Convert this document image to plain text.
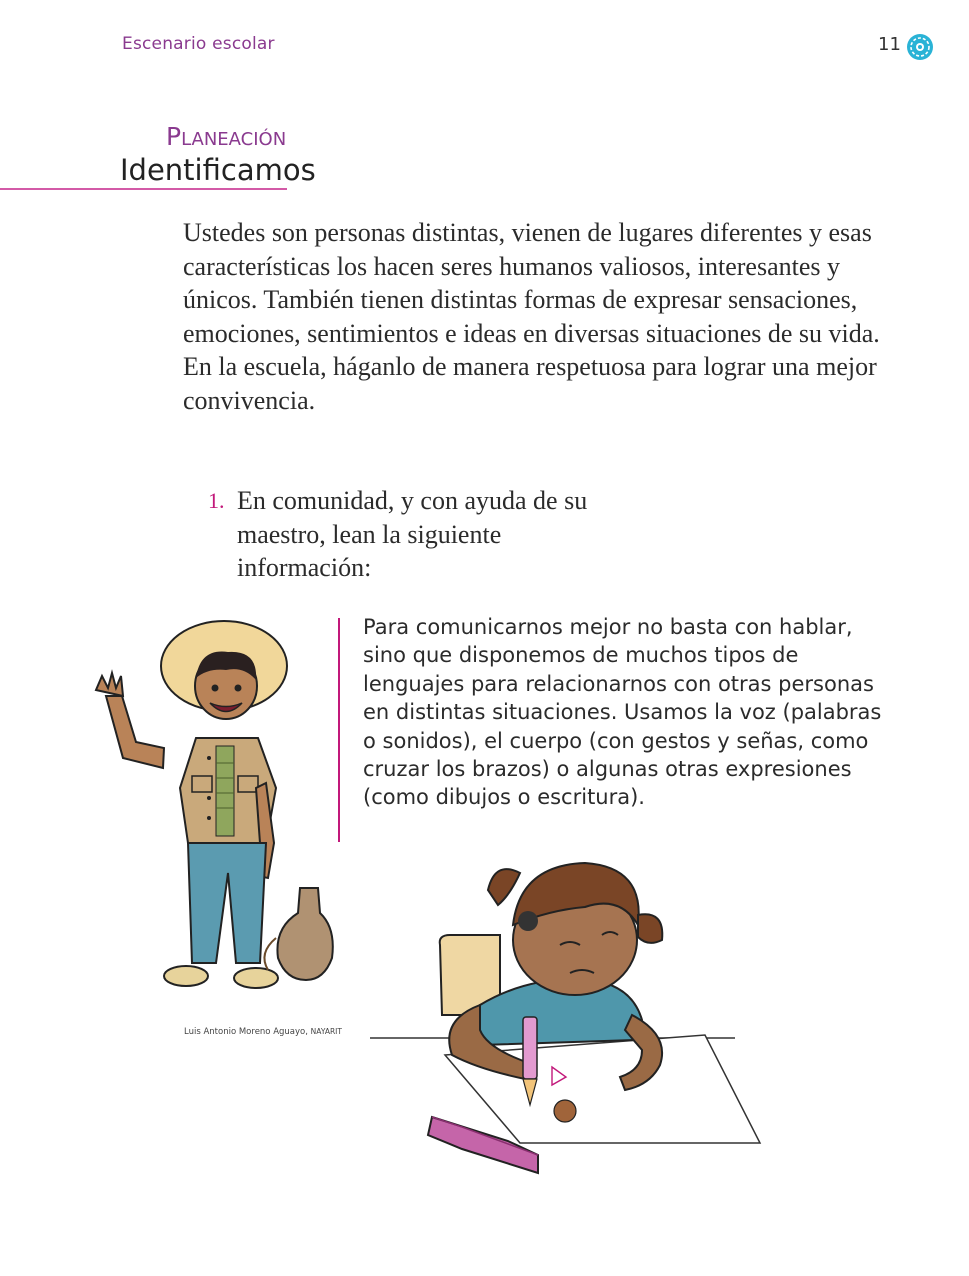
Escenario escolar	11
Planeación
Identificamos

Ustedes son personas distintas, vienen de lugares diferentes y esas características los hacen seres humanos valiosos, interesantes y únicos. También tienen distintas formas de expresar sensaciones, emociones, sentimientos e ideas en diversas situaciones de su vida. En la escuela, háganlo de manera respetuosa para lograr una mejor convivencia.

1. En comunidad, y con ayuda de su maestro, lean la siguiente información:

Para comunicarnos mejor no basta con hablar, sino que disponemos de muchos tipos de lenguajes para relacionarnos con otras personas en distintas situaciones. Usamos la voz (palabras o sonidos), el cuerpo (con gestos y señas, como cruzar los brazos) o algunas otras expresiones (como dibujos o escritura).

Luis Antonio Moreno Aguayo, NAYARIT
